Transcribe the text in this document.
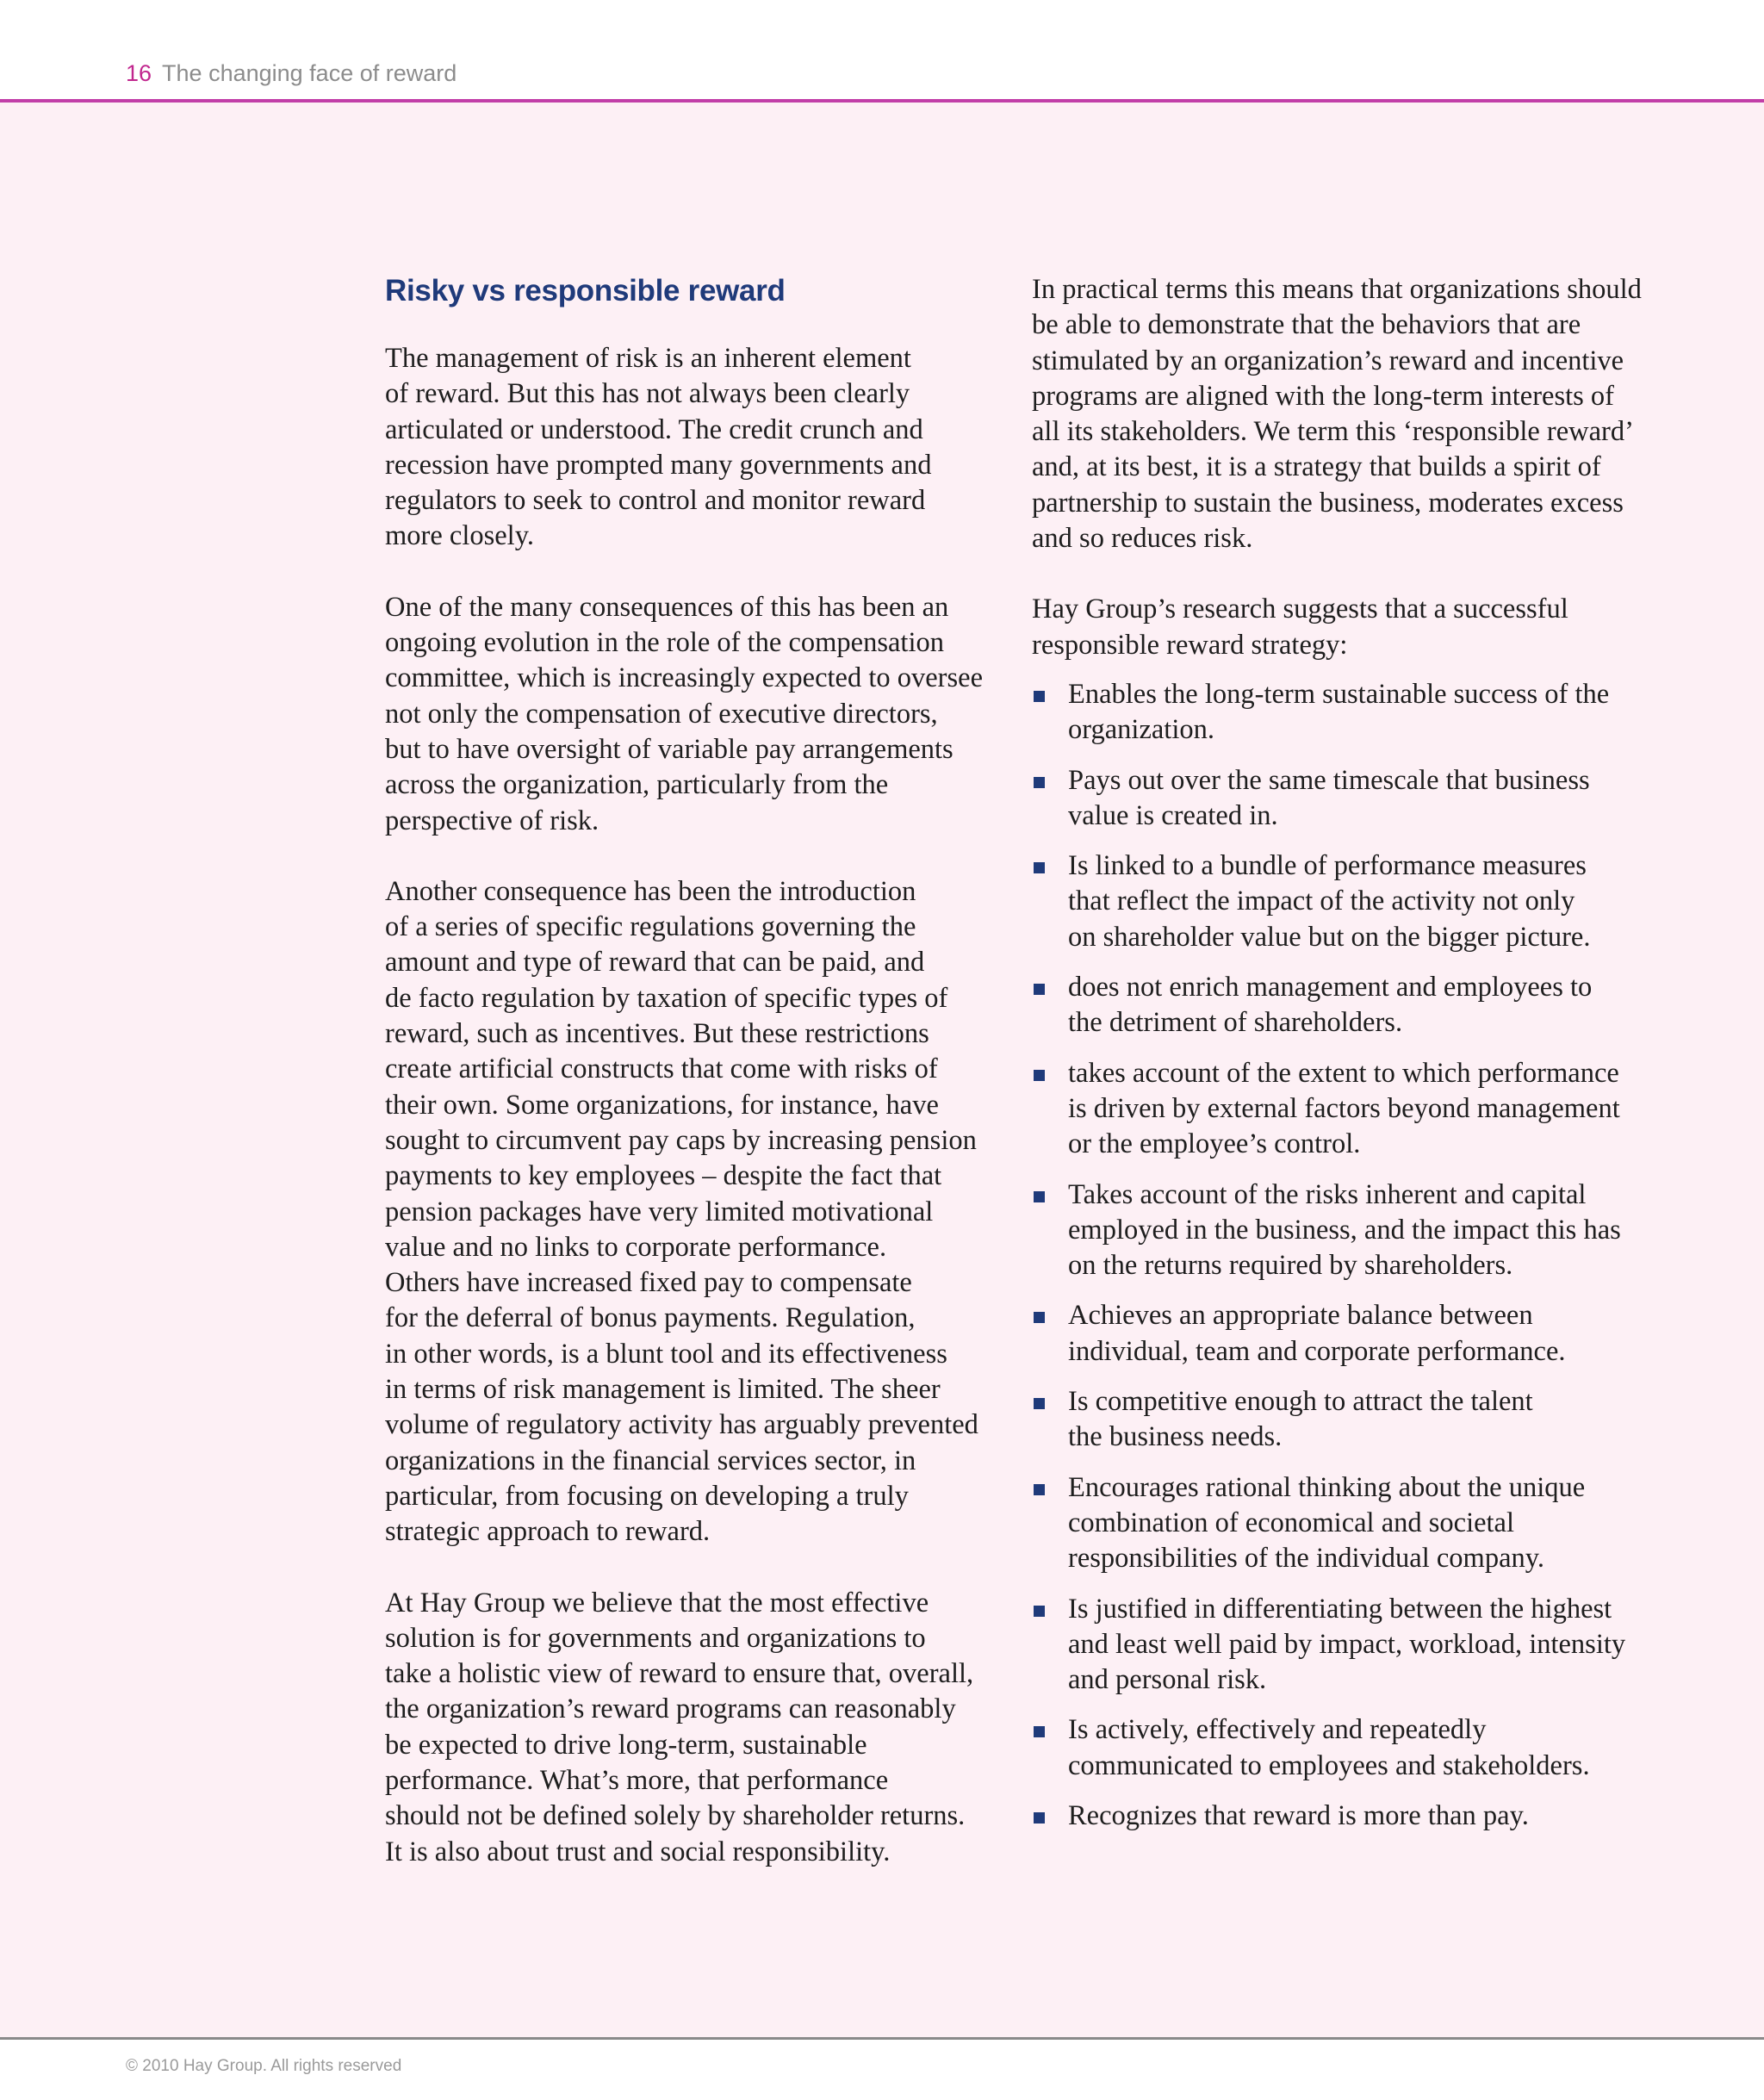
16 The changing face of reward
Risky vs responsible reward
The management of risk is an inherent element
of reward. But this has not always been clearly
articulated or understood. The credit crunch and
recession have prompted many governments and
regulators to seek to control and monitor reward
more closely.
One of the many consequences of this has been an
ongoing evolution in the role of the compensation
committee, which is increasingly expected to oversee
not only the compensation of executive directors,
but to have oversight of variable pay arrangements
across the organization, particularly from the
perspective of risk.
Another consequence has been the introduction
of a series of specific regulations governing the
amount and type of reward that can be paid, and
de facto regulation by taxation of specific types of
reward, such as incentives. But these restrictions
create artificial constructs that come with risks of
their own. Some organizations, for instance, have
sought to circumvent pay caps by increasing pension
payments to key employees – despite the fact that
pension packages have very limited motivational
value and no links to corporate performance.
Others have increased fixed pay to compensate
for the deferral of bonus payments. Regulation,
in other words, is a blunt tool and its effectiveness
in terms of risk management is limited. The sheer
volume of regulatory activity has arguably prevented
organizations in the financial services sector, in
particular, from focusing on developing a truly
strategic approach to reward.
At Hay Group we believe that the most effective
solution is for governments and organizations to
take a holistic view of reward to ensure that, overall,
the organization’s reward programs can reasonably
be expected to drive long-term, sustainable
performance. What’s more, that performance
should not be defined solely by shareholder returns.
It is also about trust and social responsibility.
In practical terms this means that organizations should
be able to demonstrate that the behaviors that are
stimulated by an organization’s reward and incentive
programs are aligned with the long-term interests of
all its stakeholders. We term this ‘responsible reward’
and, at its best, it is a strategy that builds a spirit of
partnership to sustain the business, moderates excess
and so reduces risk.
Hay Group’s research suggests that a successful
responsible reward strategy:
Enables the long-term sustainable success of the
organization.
Pays out over the same timescale that business
value is created in.
Is linked to a bundle of performance measures
that reflect the impact of the activity not only
on shareholder value but on the bigger picture.
does not enrich management and employees to
the detriment of shareholders.
takes account of the extent to which performance
is driven by external factors beyond management
or the employee’s control.
Takes account of the risks inherent and capital
employed in the business, and the impact this has
on the returns required by shareholders.
Achieves an appropriate balance between
individual, team and corporate performance.
Is competitive enough to attract the talent
the business needs.
Encourages rational thinking about the unique
combination of economical and societal
responsibilities of the individual company.
Is justified in differentiating between the highest
and least well paid by impact, workload, intensity
and personal risk.
Is actively, effectively and repeatedly
communicated to employees and stakeholders.
Recognizes that reward is more than pay.
© 2010 Hay Group. All rights reserved
